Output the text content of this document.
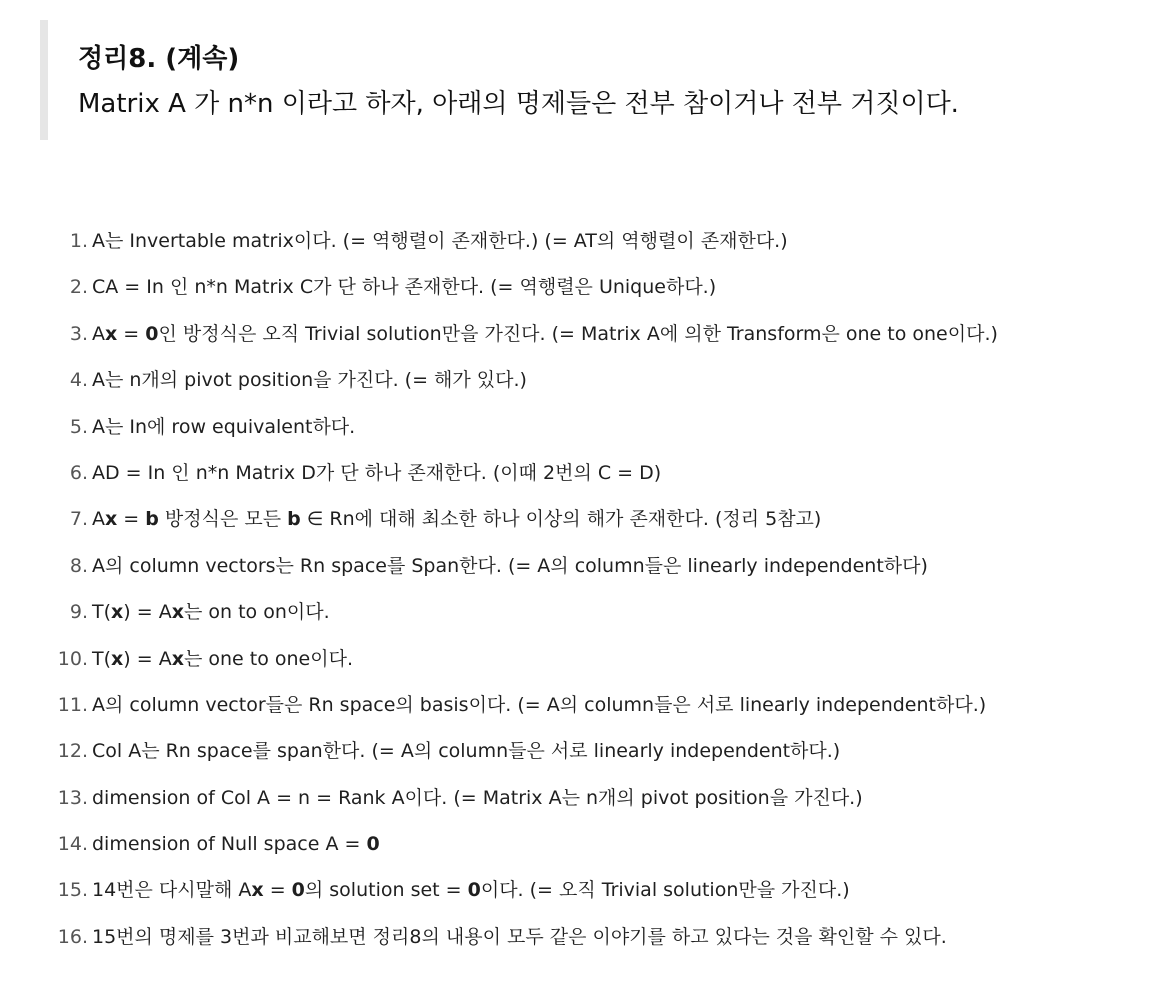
정리8. (계속)
Matrix A 가 n*n 이라고 하자, 아래의 명제들은 전부 참이거나 전부 거짓이다.
1. A는 Invertable matrix이다. (= 역행렬이 존재한다.) (= AT의 역행렬이 존재한다.)
2. CA = In 인 n*n Matrix C가 단 하나 존재한다. (= 역행렬은 Unique하다.)
3. Ax = 0인 방정식은 오직 Trivial solution만을 가진다. (= Matrix A에 의한 Transform은 one to one이다.)
4. A는 n개의 pivot position을 가진다. (= 해가 있다.)
5. A는 In에 row equivalent하다.
6. AD = In 인 n*n Matrix D가 단 하나 존재한다. (이때 2번의 C = D)
7. Ax = b 방정식은 모든 b ∈ Rn에 대해 최소한 하나 이상의 해가 존재한다. (정리 5참고)
8. A의 column vectors는 Rn space를 Span한다. (= A의 column들은 linearly independent하다)
9. T(x) = Ax는 on to on이다.
10. T(x) = Ax는 one to one이다.
11. A의 column vector들은 Rn space의 basis이다. (= A의 column들은 서로 linearly independent하다.)
12. Col A는 Rn space를 span한다. (= A의 column들은 서로 linearly independent하다.)
13. dimension of Col A = n = Rank A이다. (= Matrix A는 n개의 pivot position을 가진다.)
14. dimension of Null space A = 0
15. 14번은 다시말해 Ax = 0의 solution set = 0이다. (= 오직 Trivial solution만을 가진다.)
16. 15번의 명제를 3번과 비교해보면 정리8의 내용이 모두 같은 이야기를 하고 있다는 것을 확인할 수 있다.
